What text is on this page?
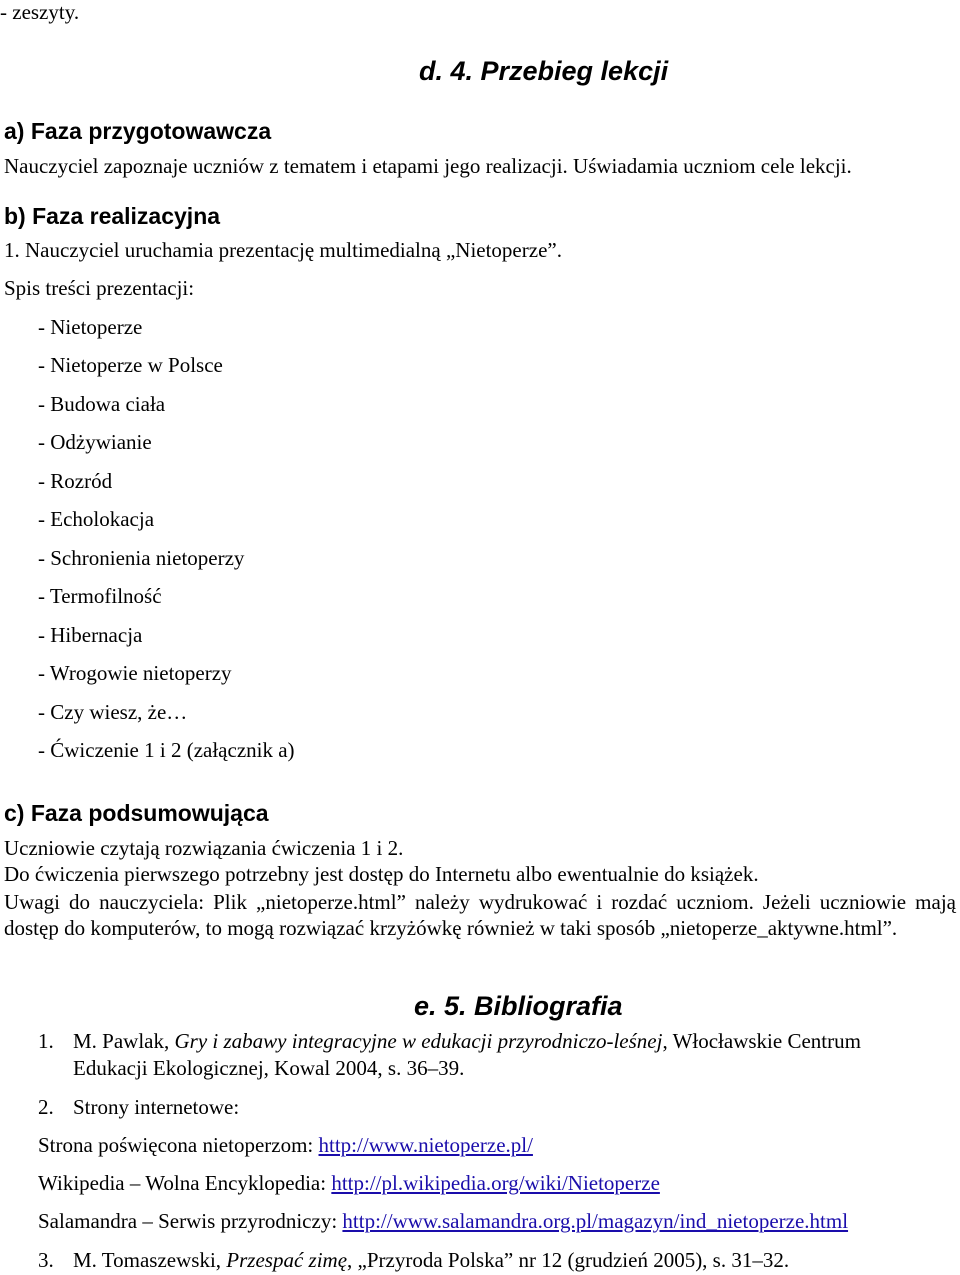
- zeszyty.
d. 4. Przebieg lekcji
a) Faza przygotowawcza
Nauczyciel zapoznaje uczniów z tematem i etapami jego realizacji. Uświadamia uczniom cele lekcji.
b) Faza realizacyjna
1. Nauczyciel uruchamia prezentację multimedialną „Nietoperze”.
Spis treści prezentacji:
- Nietoperze
- Nietoperze w Polsce
- Budowa ciała
- Odżywianie
- Rozród
- Echolokacja
- Schronienia nietoperzy
- Termofilność
- Hibernacja
- Wrogowie nietoperzy
- Czy wiesz, że…
- Ćwiczenie 1 i 2 (załącznik a)
c) Faza podsumowująca
Uczniowie czytają rozwiązania ćwiczenia 1 i 2.
Do ćwiczenia pierwszego potrzebny jest dostęp do Internetu albo ewentualnie do książek.
Uwagi do nauczyciela: Plik „nietoperze.html” należy wydrukować i rozdać uczniom. Jeżeli uczniowie mają dostęp do komputerów, to mogą rozwiązać krzyżówkę również w taki sposób „nietoperze_aktywne.html”.
e. 5. Bibliografia
1. M. Pawlak, Gry i zabawy integracyjne w edukacji przyrodniczo-leśnej, Włocławskie Centrum
Edukacji Ekologicznej, Kowal 2004, s. 36–39.
2. Strony internetowe:
Strona poświęcona nietoperzom: http://www.nietoperze.pl/
Wikipedia – Wolna Encyklopedia: http://pl.wikipedia.org/wiki/Nietoperze
Salamandra – Serwis przyrodniczy: http://www.salamandra.org.pl/magazyn/ind_nietoperze.html
3. M. Tomaszewski, Przespać zimę, „Przyroda Polska” nr 12 (grudzień 2005), s. 31–32.
